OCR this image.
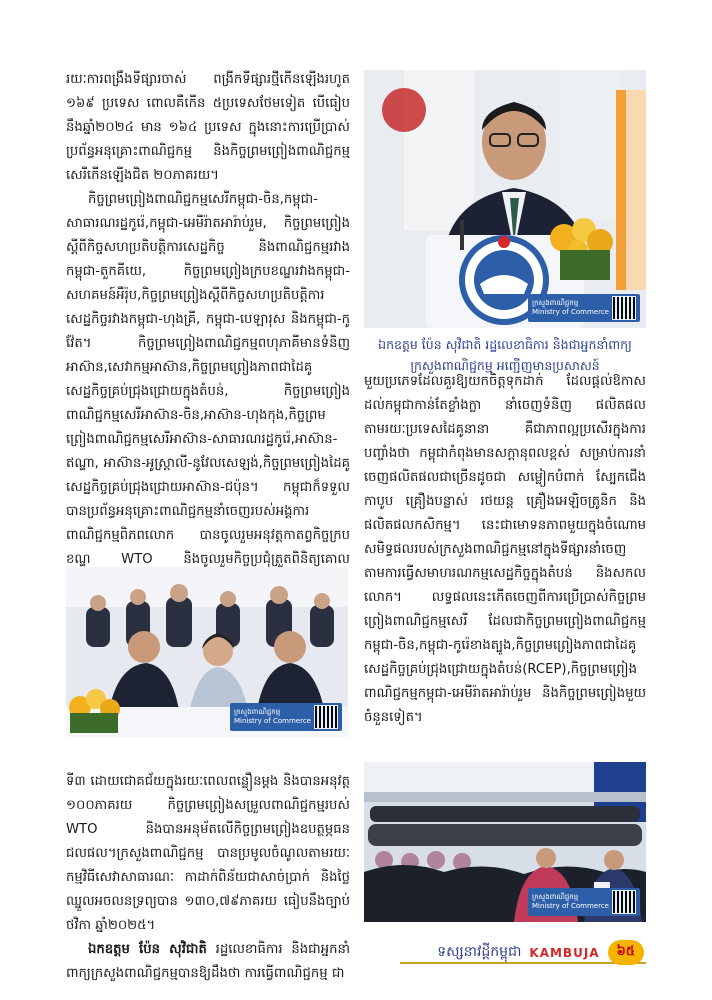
រយៈការពង្រឹងទីផ្សារចាស់ ពង្រីកទីផ្សារថ្មីកើនឡើងរហូត ១៦៩ ប្រទេស ពោលគឺកើន ៥ប្រទេសថែមទៀត បើធៀបនឹងឆ្នាំ២០២៤ មាន ១៦៤ ប្រទេស ក្នុងនោះការប្រើប្រាស់ប្រព័ន្ធអនុគ្រោះពាណិជ្ជកម្ម និងកិច្ចព្រមព្រៀងពាណិជ្ជកម្មសេរីកើនឡើងជិត ២០ភាគរយ។

កិច្ចព្រមព្រៀងពាណិជ្ជកម្មសេរីកម្ពុជា-ចិន,កម្ពុជា-សាធារណរដ្ឋកូរ៉េ,កម្ពុជា-អេមីរ៉ាតអារ៉ាប់រួម, កិច្ចព្រមព្រៀងស្តីពីកិច្ចសហប្រតិបត្តិការសេដ្ឋកិច្ច និងពាណិជ្ជកម្មរវាងកម្ពុជា-តួកគីយេ, កិច្ចព្រមព្រៀងក្របខណ្ឌរវាងកម្ពុជា-សហគមន៍អឺរ៉ុប,កិច្ចព្រមព្រៀងស្តីពីកិច្ចសហប្រតិបត្តិការសេដ្ឋកិច្ចរវាងកម្ពុជា-ហុងគ្រី, កម្ពុជា-បេឡារុស និងកម្ពុជា-កូវ៉ែត។ កិច្ចព្រមព្រៀងពាណិជ្ជកម្មពហុភាគីមានទំនិញអាស៊ាន,សេវាកម្មអាស៊ាន,កិច្ចព្រមព្រៀងភាពជាដៃគូសេដ្ឋកិច្ចគ្រប់ជ្រុងជ្រោយក្នុងតំបន់, កិច្ចព្រមព្រៀងពាណិជ្ជកម្មសេរីអាស៊ាន-ចិន,អាស៊ាន-ហុងកុង,កិច្ចព្រមព្រៀងពាណិជ្ជកម្មសេរីអាស៊ាន-សាធារណរដ្ឋកូរ៉េ,អាស៊ាន-ឥណ្ឌា, អាស៊ាន-អូស្ត្រាលី-នូវែលសេឡង់,កិច្ចព្រមព្រៀងដៃគូសេដ្ឋកិច្ចគ្រប់ជ្រុងជ្រោយអាស៊ាន-ជប៉ុន។ កម្ពុជាក៏ទទួលបានប្រព័ន្ធអនុគ្រោះពាណិជ្ជកម្មនាំចេញរបស់អង្គការពាណិជ្ជកម្មពិភពលោក បានចូលរួមអនុវត្តកាតព្វកិច្ចក្របខណ្ឌ WTO និងចូលរួមកិច្ចប្រជុំត្រួតពិនិត្យគោល

ក្រសួងពាណិជ្ជកម្ម
Ministry of Commerce
ឯកឧត្តម ប៉ែន សុវិជាតិ រដ្ឋលេខាធិការ និងជាអ្នកនាំពាក្យក្រសួងពាណិជ្ជកម្ម អញ្ជើញមានប្រសាសន៍

មួយប្រភេទដែលគួរឱ្យយកចិត្តទុកដាក់ ដែលផ្តល់ឱកាសដល់កម្ពុជាកាន់តែខ្លាំងក្លា នាំចេញទំនិញ ផលិតផល តាមរយៈប្រទេសដៃគូនានា គឺជាភាពល្អប្រសើរក្នុងការបញ្ចាំងថា កម្ពុជាកំពុងមានសក្តានុពលខ្ពស់ សម្រាប់ការនាំចេញផលិតផលជាច្រើនដូចជា សម្លៀកបំពាក់ ស្បែកជើង កាបូប គ្រឿងបន្លាស់ រថយន្ត គ្រឿងអេឡិចត្រូនិក និងផលិតផលកសិកម្ម។ នេះជាមោទនភាពមួយក្នុងចំណោមសមិទ្ធផលរបស់ក្រសួងពាណិជ្ជកម្មនៅក្នុងទីផ្សារនាំចេញតាមការធ្វើសមាហរណកម្មសេដ្ឋកិច្ចក្នុងតំបន់ និងសកលលោក។ លទ្ធផលនេះកើតចេញពីការប្រើប្រាស់កិច្ចព្រមព្រៀងពាណិជ្ជកម្មសេរី ដែលជាកិច្ចព្រមព្រៀងពាណិជ្ជកម្មកម្ពុជា-ចិន,កម្ពុជា-កូរ៉េខាងត្បូង,កិច្ចព្រមព្រៀងភាពជាដៃគូសេដ្ឋកិច្ចគ្រប់ជ្រុងជ្រោយក្នុងតំបន់(RCEP),កិច្ចព្រមព្រៀងពាណិជ្ជកម្មកម្ពុជា-អេមីរ៉ាតអារ៉ាប់រួម និងកិច្ចព្រមព្រៀងមួយចំនួនទៀត។

ក្រសួងពាណិជ្ជកម្ម
Ministry of Commerce

ទី៣ ដោយជោគជ័យក្នុងរយៈពេលពន្លឿនម្តង និងបានអនុវត្ត ១០០ភាគរយ កិច្ចព្រមព្រៀងសម្រួលពាណិជ្ជកម្មរបស់ WTO និងបានអនុម័តលើកិច្ចព្រមព្រៀងឧបត្ថម្ភធនជលផល។ក្រសួងពាណិជ្ជកម្ម បានប្រមូលចំណូលតាមរយៈកម្មវិធីសេវាសាធារណៈ កាដាក់ពិន័យជាសាច់ប្រាក់ និងថ្លៃឈ្នួលអចលនទ្រព្យបាន ១៣០,៧៩ភាគរយ ធៀបនឹងច្បាប់ថវិកា ឆ្នាំ២០២៥។

ឯកឧត្តម ប៉ែន សុវិជាតិ រដ្ឋលេខាធិការ និងជាអ្នកនាំពាក្យក្រសួងពាណិជ្ជកម្មបានឱ្យដឹងថា ការធ្វើពាណិជ្ជកម្ម ជា

ក្រសួងពាណិជ្ជកម្ម
Ministry of Commerce
ទស្សនាវដ្តីកម្ពុជា KAMBUJA	៦៥
